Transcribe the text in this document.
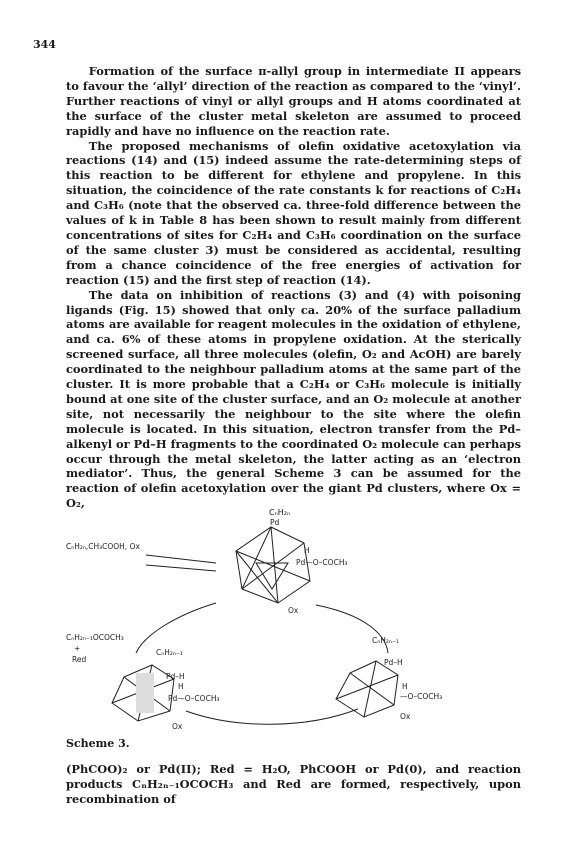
344

Formation of the surface π-allyl group in intermediate II appears to favour the ‘allyl’ direction of the reaction as compared to the ‘vinyl’. Further reactions of vinyl or allyl groups and H atoms coordinated at the surface of the cluster metal skeleton are assumed to proceed rapidly and have no influence on the reaction rate.

The proposed mechanisms of olefin oxidative acetoxylation via reactions (14) and (15) indeed assume the rate-determining steps of this reaction to be different for ethylene and propylene. In this situation, the coincidence of the rate constants k for reactions of C₂H₄ and C₃H₆ (note that the observed ca. three-fold difference between the values of k in Table 8 has been shown to result mainly from different concentrations of sites for C₂H₄ and C₃H₆ coordination on the surface of the same cluster 3) must be considered as accidental, resulting from a chance coincidence of the free energies of activation for reaction (15) and the first step of reaction (14).

The data on inhibition of reactions (3) and (4) with poisoning ligands (Fig. 15) showed that only ca. 20% of the surface palladium atoms are available for reagent molecules in the oxidation of ethylene, and ca. 6% of these atoms in propylene oxidation. At the sterically screened surface, all three molecules (olefin, O₂ and AcOH) are barely coordinated to the neighbour palladium atoms at the same part of the cluster. It is more probable that a C₂H₄ or C₃H₆ molecule is initially bound at one site of the cluster surface, and an O₂ molecule at another site, not necessarily the neighbour to the site where the olefin molecule is located. In this situation, electron transfer from the Pd–alkenyl or Pd–H fragments to the coordinated O₂ molecule can perhaps occur through the metal skeleton, the latter acting as an ‘electron mediator’. Thus, the general Scheme 3 can be assumed for the reaction of olefin acetoxylation over the giant Pd clusters, where Ox = O₂,

CₙH₂ₙ
Pd
CₙH₂ₙ,CH₃COOH, Ox	H
Pd—O–COCH₃
Ox
CₙH₂ₙ₋₁OCOCH₃
+
Red
CₙH₂ₙ₋₁
Pd–H
H
Pd—O–COCH₃
Ox
CₙH₂ₙ₋₁
Pd–H
H
—O–COCH₃
Ox
Scheme 3.

(PhCOO)₂ or Pd(II); Red = H₂O, PhCOOH or Pd(0), and reaction products CₙH₂ₙ₋₁OCOCH₃ and Red are formed, respectively, upon recombination of
